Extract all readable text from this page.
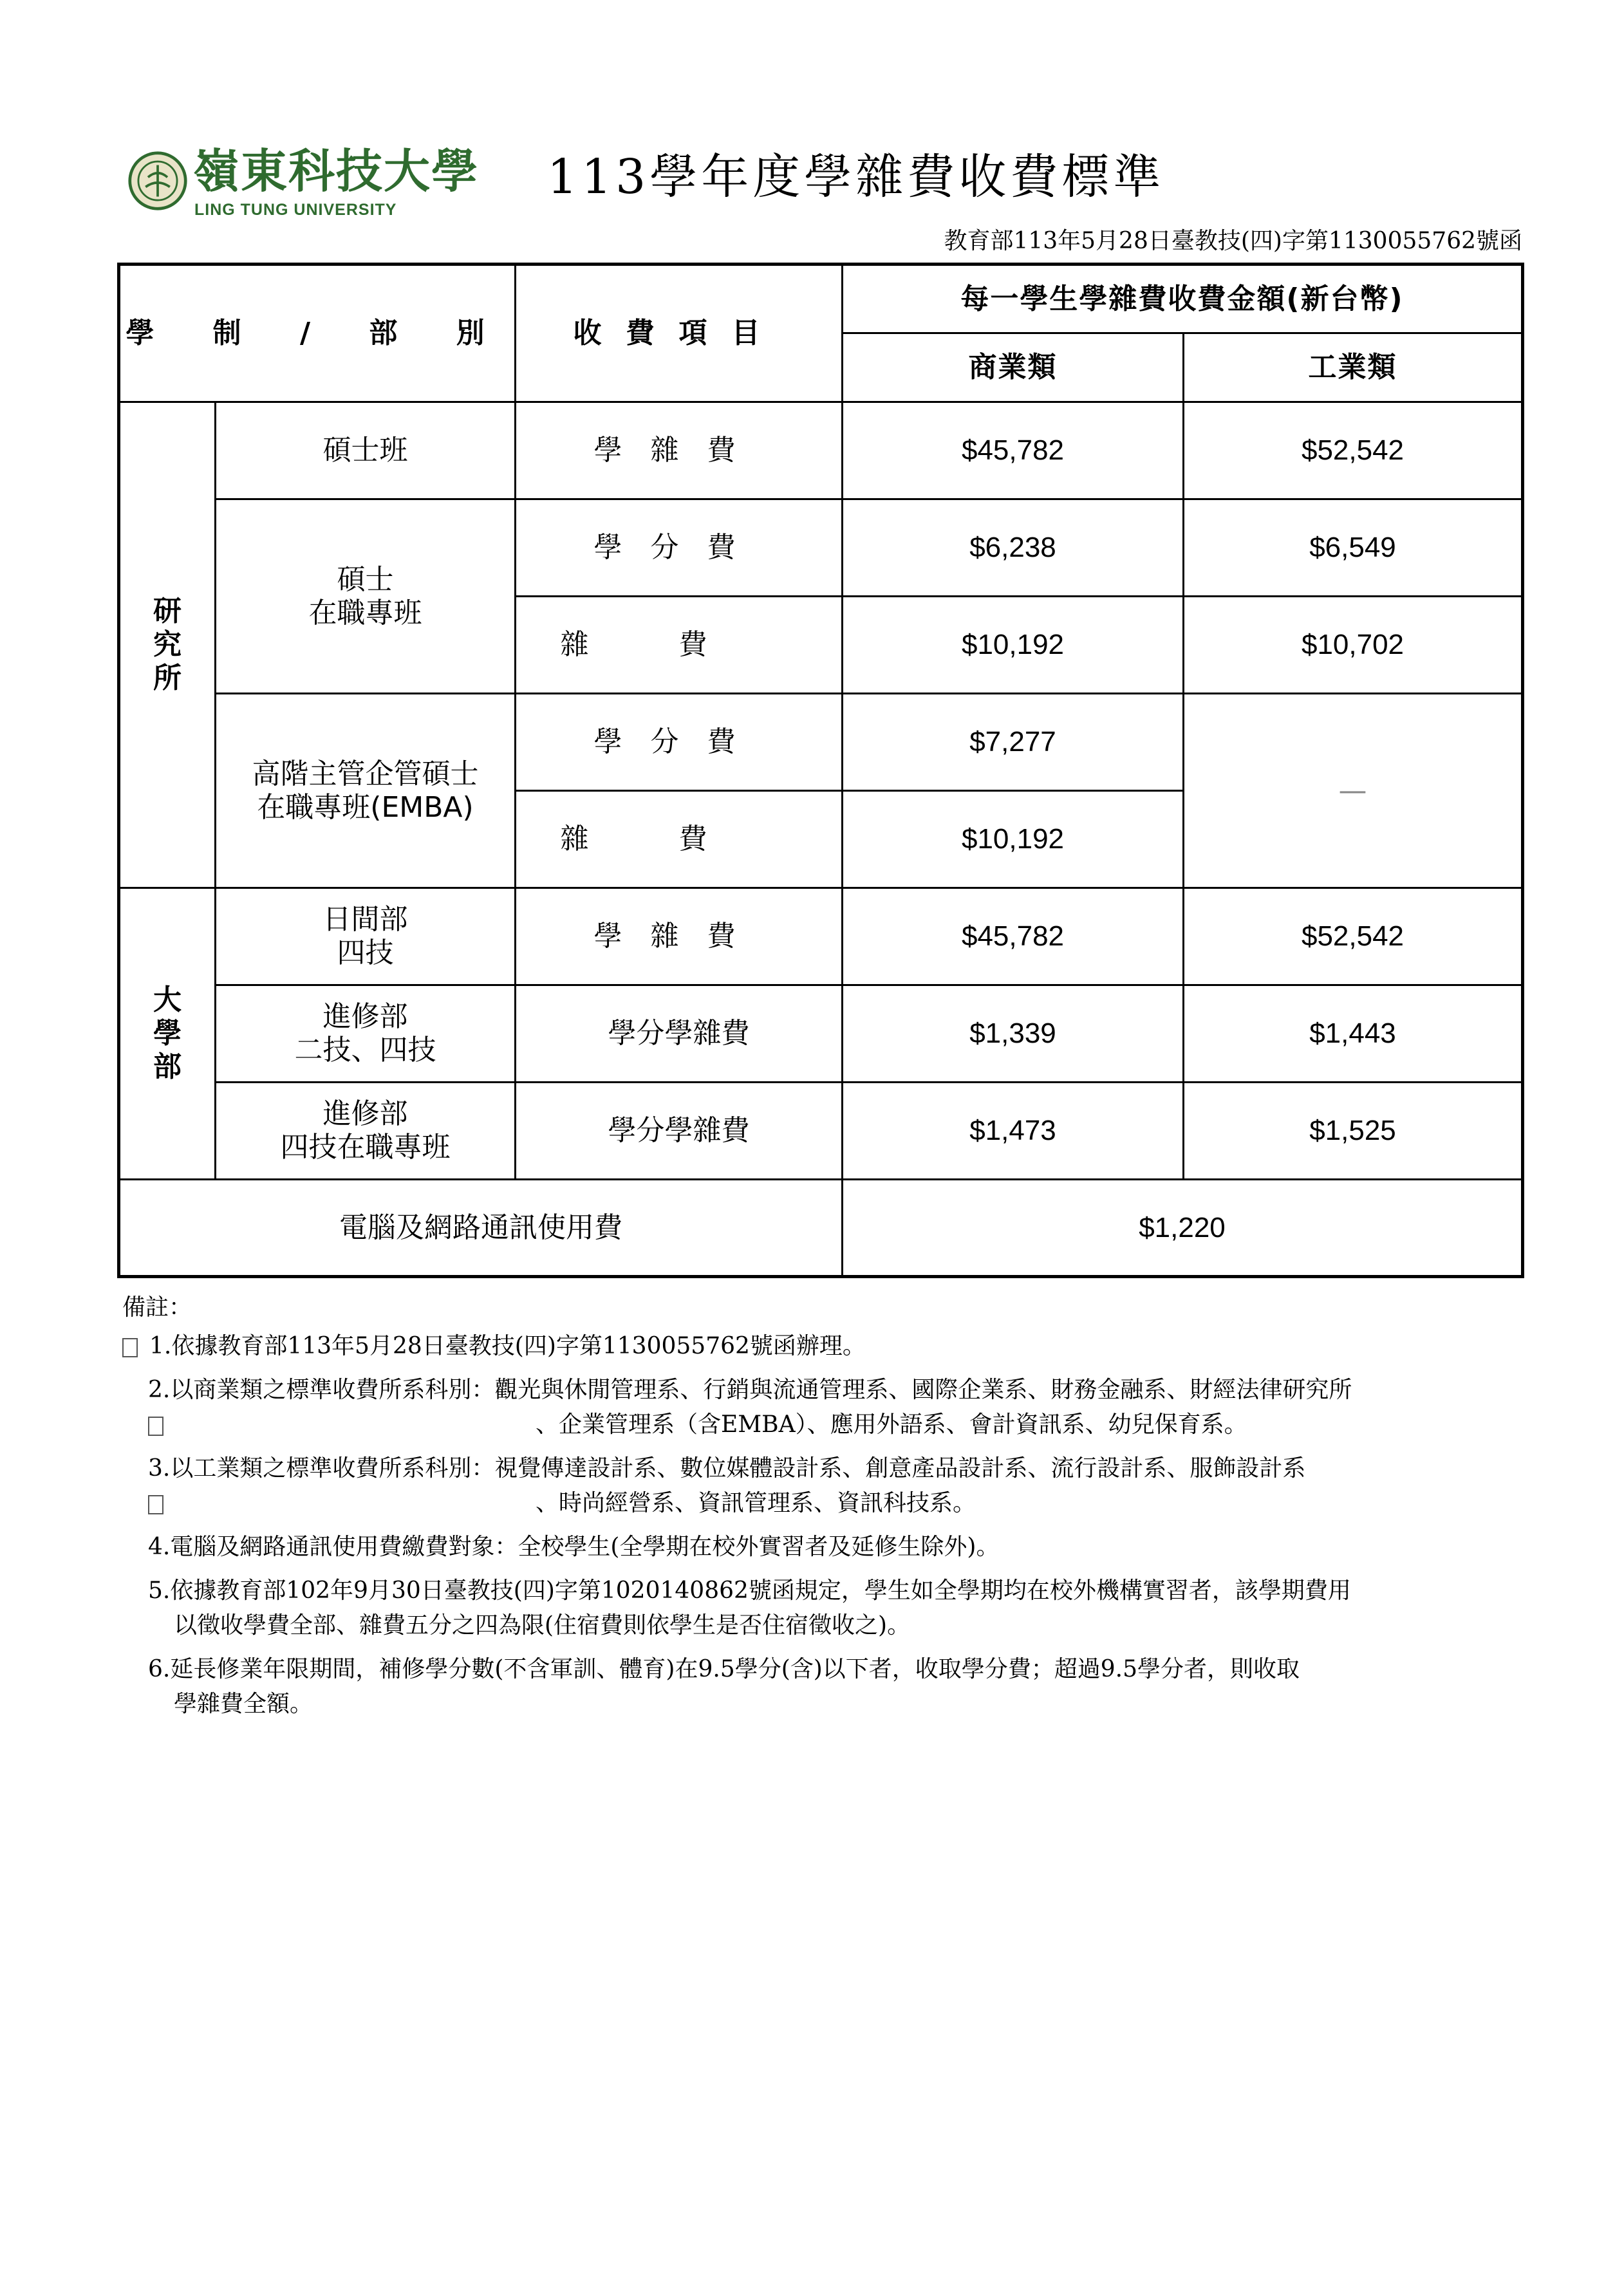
嶺東科技大學
LING TUNG UNIVERSITY
113學年度學雜費收費標準
教育部113年5月28日臺教技(四)字第1130055762號函
學 制 / 部 別		收費項目	每一學生學雜費收費金額(新台幣)	
			商業類	工業類

研究所	碩士班	學雜費	$45,782	$52,542

	碩士
在職專班	學分費	$6,238	$6,549
		雜費	$10,192	$10,702

	高階主管企管碩士
在職專班(EMBA)	學分費	$7,277	—
		雜費	$10,192	

大學部	日間部
四技	學雜費	$45,782	$52,542

	進修部
二技、四技	學分學雜費	$1,339	$1,443

	進修部
四技在職專班	學分學雜費	$1,473	$1,525
電腦及網路通訊使用費			$1,220	
備註：
1.依據教育部113年5月28日臺教技(四)字第1130055762號函辦理。
2.以商業類之標準收費所系科別：觀光與休閒管理系、行銷與流通管理系、國際企業系、財務金融系、財經法律研究所
、企業管理系（含EMBA）、應用外語系、會計資訊系、幼兒保育系。
3.以工業類之標準收費所系科別：視覺傳達設計系、數位媒體設計系、創意產品設計系、流行設計系、服飾設計系
、時尚經營系、資訊管理系、資訊科技系。
4.電腦及網路通訊使用費繳費對象：全校學生(全學期在校外實習者及延修生除外)。
5.依據教育部102年9月30日臺教技(四)字第1020140862號函規定，學生如全學期均在校外機構實習者，該學期費用
以徵收學費全部、雜費五分之四為限(住宿費則依學生是否住宿徵收之)。
6.延長修業年限期間，補修學分數(不含軍訓、體育)在9.5學分(含)以下者，收取學分費；超過9.5學分者，則收取
學雜費全額。
